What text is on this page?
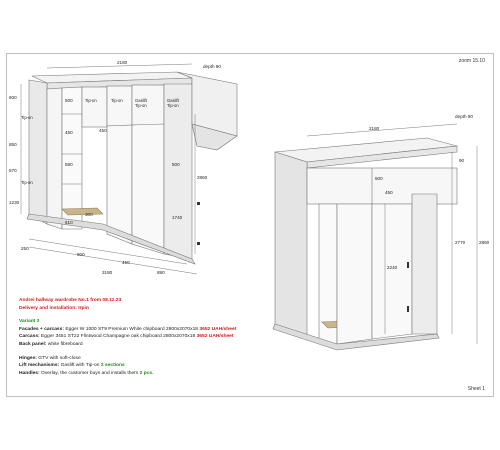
zoom 15.10
2180
depth 90
600
850
570
1230
500
450
590
610
300
450
500
1740
2860
900
450
250
3180	880
Tip-on	Tip-on	Gaslift Tip-on
Gaslift Tip-on
Tip-on
Tip-on
2180
depth 90
90
500
450
2240
2770	2860
Andrei hallway wardrobe No.1 from 08.11.23
Delivery and installation: Irpin
Variant 3
Facades + carcass: Egger W 1000 ST9 Premium White chipboard 2800x2070x18 3652 UAH/sheet
Carcass: Egger 3451 ST22 Flintwood Champagne oak chipboard 2800x2070x18 3652 UAH/sheet
Back panel: white fibreboard
Hinges: GTV with soft-close
Lift mechanisms: Gaslift with Tip-on 2 sections
Handles: Overlay, the customer buys and installs them 2 pcs.
Sheet 1
